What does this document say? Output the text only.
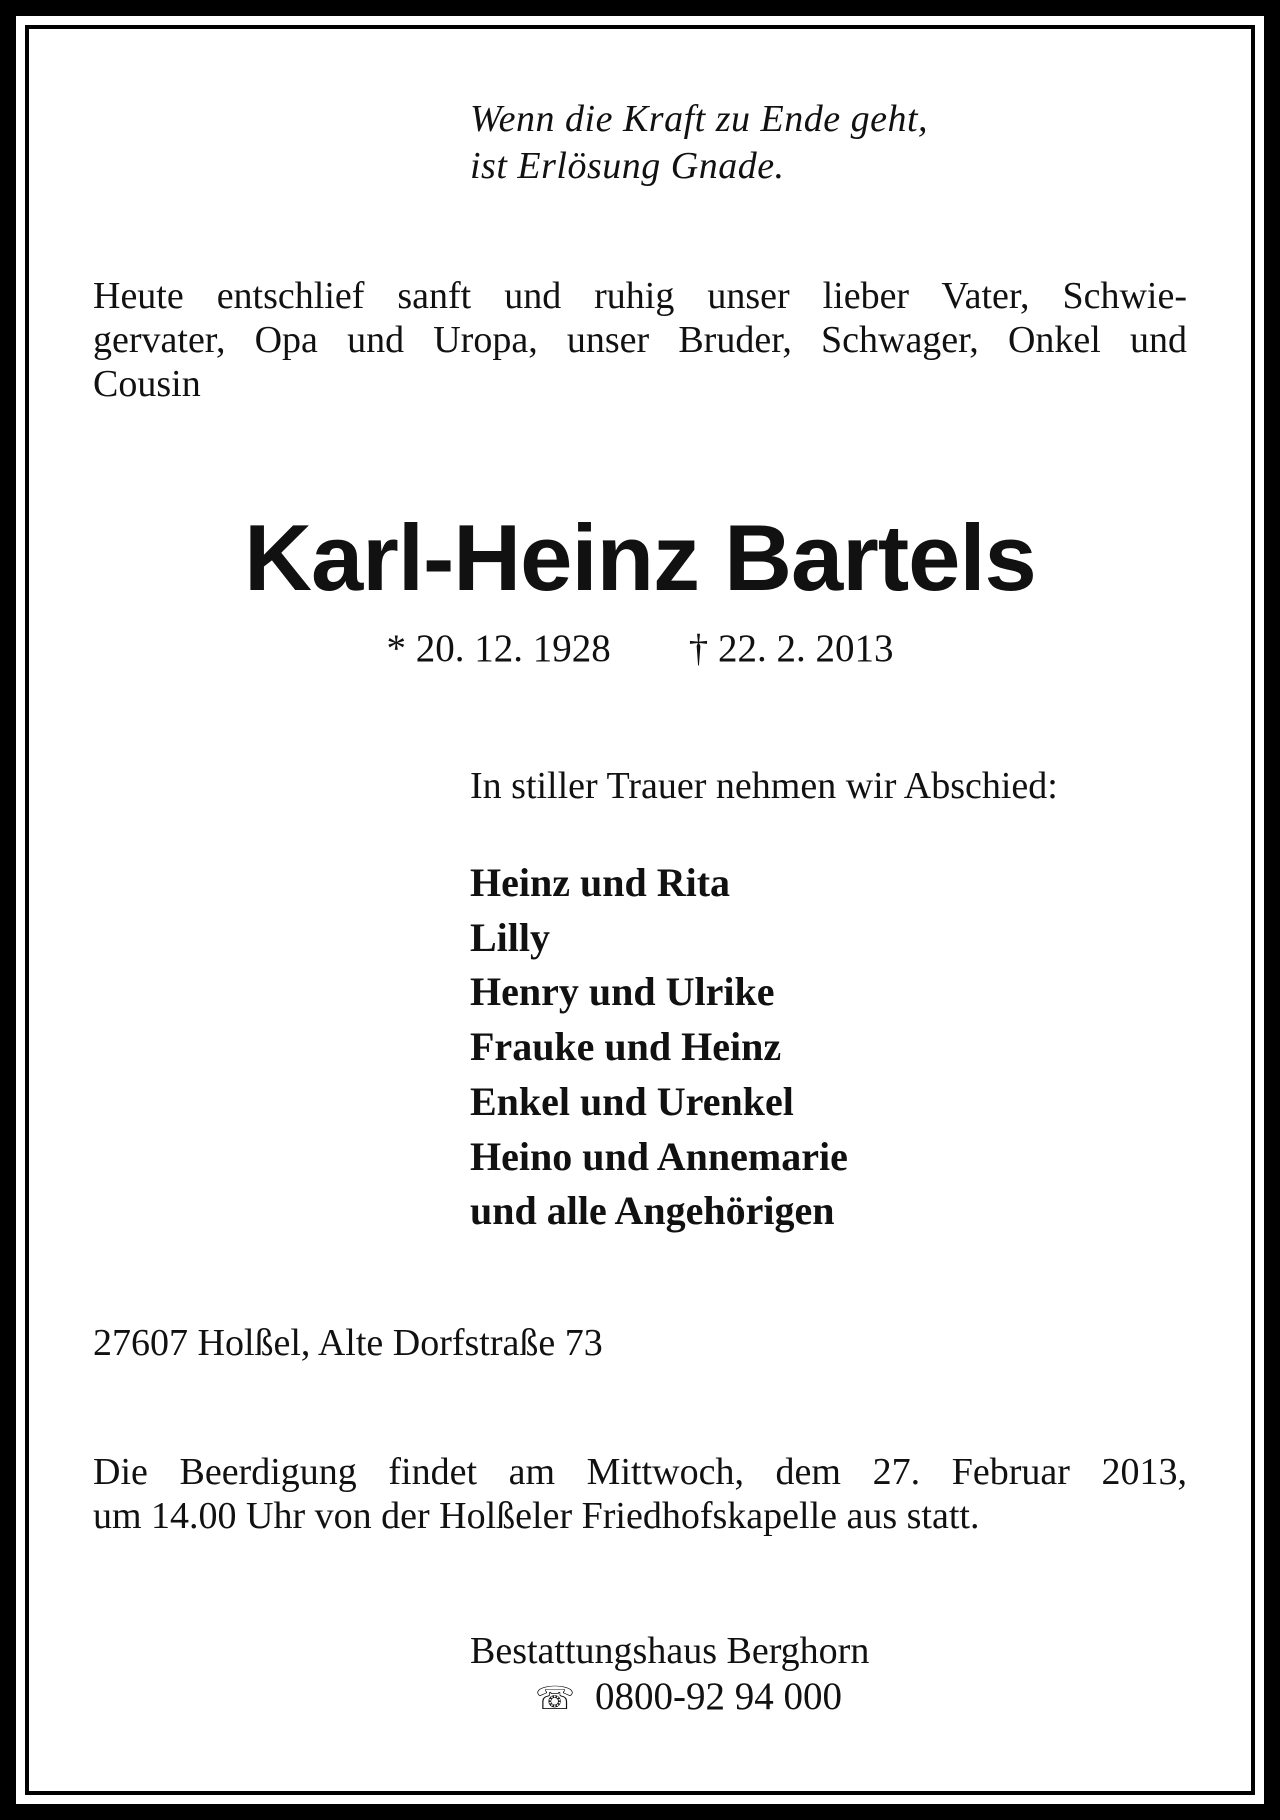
Wenn die Kraft zu Ende geht,
ist Erlösung Gnade.
Heute entschlief sanft und ruhig unser lieber Vater, Schwie-
gervater, Opa und Uropa, unser Bruder, Schwager, Onkel und
Cousin
Karl-Heinz Bartels
* 20. 12. 1928 † 22. 2. 2013
In stiller Trauer nehmen wir Abschied:
Heinz und Rita
Lilly
Henry und Ulrike
Frauke und Heinz
Enkel und Urenkel
Heino und Annemarie
und alle Angehörigen
27607 Holßel, Alte Dorfstraße 73
Die Beerdigung findet am Mittwoch, dem 27. Februar 2013,
um 14.00 Uhr von der Holßeler Friedhofskapelle aus statt.
Bestattungshaus Berghorn
☏ 0800-92 94 000
